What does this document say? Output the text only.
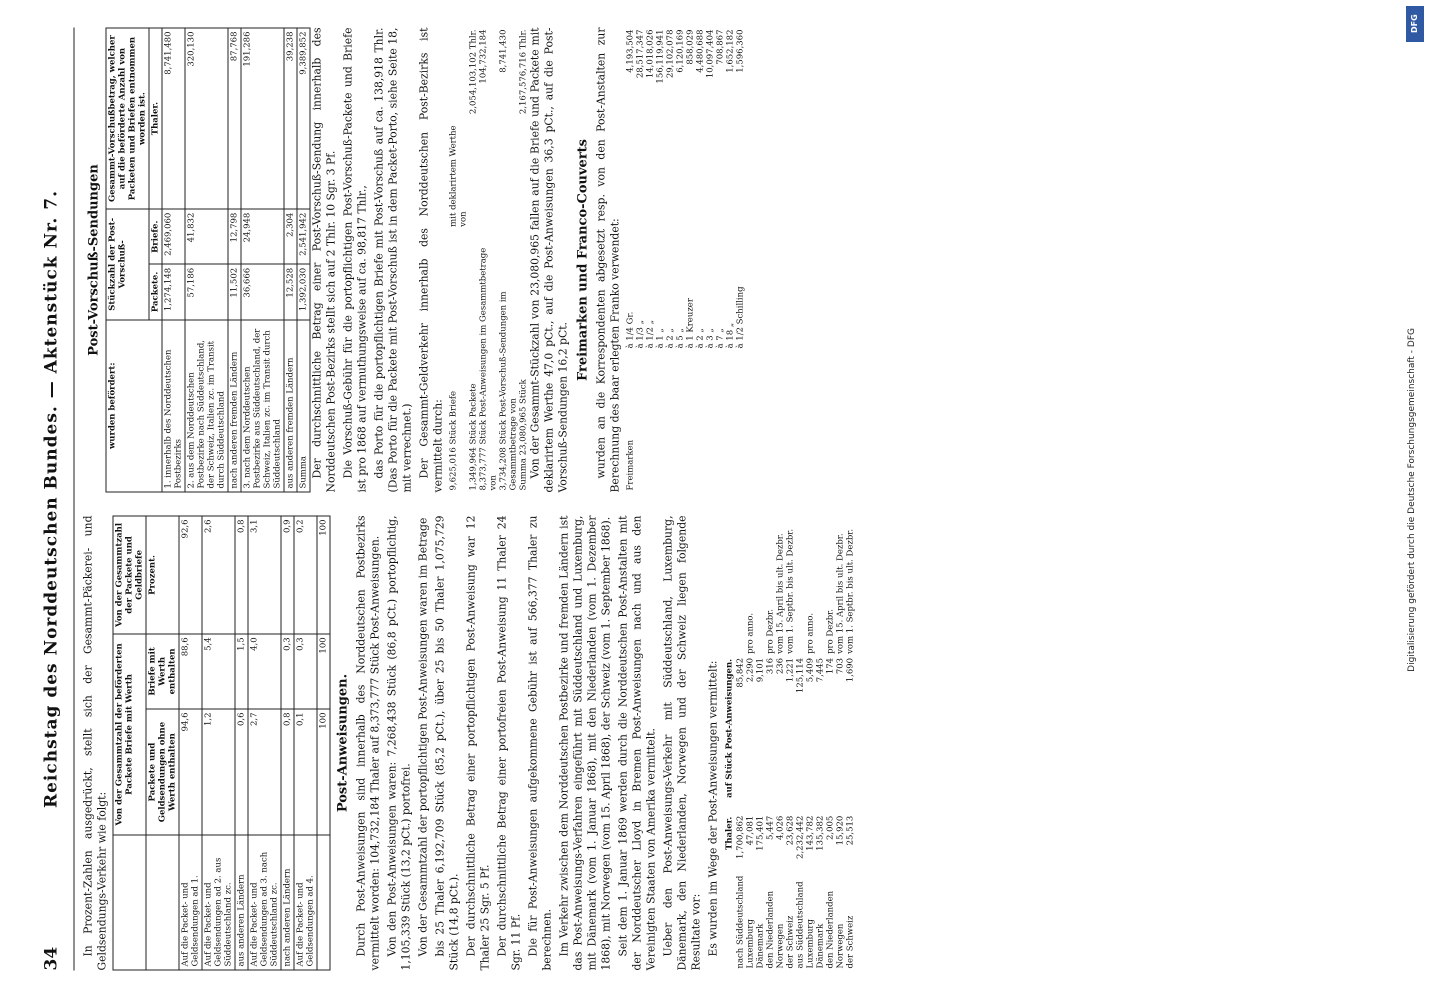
DFG
Digitalisierung gefördert durch die Deutsche Forschungsgemeinschaft - DFG
34
Reichstag des Norddeutschen Bundes. — Aktenstück Nr. 7. In Prozent-Zahlen ausgedrückt, stellt sich der Gesammt-Päckerei- und Geldsendungs-Verkehr wie folgt:

	Von der Gesammtzahl der beförderten Packete Briefe mit Werth		Von der Gesammtzahl der Packete und Geldbriefe
	Packete und Geldsendungen ohne Werth enthalten	Briefe mit Werth enthalten	Prozent.
Auf die Packet- und Geldsendungen ad 1.	94,6	88,6	92,6
Auf die Packet- und Geldsendungen ad 2. aus Süddeutschland zc.	1,2	5,4	2,6
aus anderen Ländern	0,6	1,5	0,8
Auf die Packet- und Geldsendungen ad 3. nach Süddeutschland zc.	2,7	4,0	3,1
nach anderen Ländern	0,8	0,3	0,9
Auf die Packet- und Geldsendungen ad 4.	0,1	0,3	0,2
	100	100	100
Post-Anweisungen. Durch Post-Anweisungen sind innerhalb des Norddeutschen Postbezirks vermittelt worden: 104,732,184 Thaler auf 8,373,777 Stück Post-Anweisungen. Von den Post-Anweisungen waren: 7,268,438 Stück (86,8 pCt.) portopflichtig, 1,105,339 Stück (13,2 pCt.) portofrei. Von der Gesammtzahl der portopflichtigen Post-Anweisungen waren im Betrage bis 25 Thaler 6,192,709 Stück (85,2 pCt.), über 25 bis 50 Thaler 1,075,729 Stück (14,8 pCt.). Der durchschnittliche Betrag einer portopflichtigen Post-Anweisung war 12 Thaler 25 Sgr. 5 Pf. Der durchschnittliche Betrag einer portofreien Post-Anweisung 11 Thaler 24 Sgr. 11 Pf. Die für Post-Anweisungen aufgekommene Gebühr ist auf 566,377 Thaler zu berechnen. Im Verkehr zwischen dem Norddeutschen Postbezirke und fremden Ländern ist das Post-Anweisungs-Verfahren eingeführt mit Süddeutschland und Luxemburg, mit Dänemark (vom 1. Januar 1868), mit den Niederlanden (vom 1. Dezember 1868), mit Norwegen (vom 15. April 1868), der Schweiz (vom 1. September 1868). Seit dem 1. Januar 1869 werden durch die Norddeutschen Post-Anstalten mit der Norddeutscher Lloyd in Bremen Post-Anweisungen nach und aus den Vereinigten Staaten von Amerika vermittelt. Ueber den Post-Anweisungs-Verkehr mit Süddeutschland, Luxemburg, Dänemark, den Niederlanden, Norwegen und der Schweiz liegen folgende Resultate vor: Es wurden im Wege der Post-Anweisungen vermittelt:

	Thaler.	auf Stück Post-Anweisungen.	
nach Süddeutschland	1,700,862	85,842	
Luxemburg	47,081	2,290	pro anno.
Dänemark	175,401	9,101	
den Niederlanden	5,447	316	pro Dezbr.
Norwegen	4,026	236	vom 15. April bis ult. Dezbr.
der Schweiz	23,628	1,221	vom 1. Septbr. bis ult. Dezbr.
aus Süddeutschland	2,232,442	125,114	
Luxemburg	143,782	5,409	pro anno.
Dänemark	135,382	7,445	
den Niederlanden	2,005	174	pro Dezbr.
Norwegen	15,920	703	vom 15. April bis ult. Dezbr.
der Schweiz	25,513	1,690	vom 1. Septbr. bis ult. Dezbr.
Post-Vorschuß-Sendungen
wurden befördert:	Stückzahl der Post-Vorschuß-		Gesammt-Vorschußbetrag, welcher auf die beförderte Anzahl von Packeten und Briefen entnommen worden ist.
	Packete.	Briefe.	Thaler.
1. innerhalb des Norddeutschen Postbezirks	1,274,148	2,469,060	8,741,480
2. aus dem Norddeutschen Postbezirke nach Süddeutschland, der Schweiz, Italien zc. im Transit durch Süddeutschland	57,186	41,832	320,130
nach anderen fremden Ländern	11,502	12,798	87,768
3. nach dem Norddeutschen Postbezirke aus Süddeutschland, der Schweiz, Italien zc. im Transit durch Süddeutschland	36,666	24,948	191,286
aus anderen fremden Ländern	12,528	2,304	39,238
Summa	1,392,030	2,541,942	9,389,852 Der durchschnittliche Betrag einer Post-Vorschuß-Sendung innerhalb des Norddeutschen Post-Bezirks stellt sich auf 2 Thlr. 10 Sgr. 3 Pf. Die Vorschuß-Gebühr für die portopflichtigen Post-Vorschuß-Packete und Briefe ist pro 1868 auf vermuthungsweise auf ca. 98,817 Thlr., das Porto für die portopflichtigen Briefe mit Post-Vorschuß auf ca. 138,918 Thlr. (Das Porto für die Packete mit Post-Vorschuß ist in dem Packet-Porto, siehe Seite 18, mit verrechnet.) Der Gesammt-Geldverkehr innerhalb des Norddeutschen Post-Bezirks ist vermittelt durch: 9,625,016 Stück Briefe	mit deklarirtem Werthe von	
1,349,964 Stück Packete		2,054,103,102 Thlr.
8,373,777 Stück Post-Anweisungen im Gesammtbetrage von		104,732,184
3,734,208 Stück Post-Vorschuß-Sendungen im Gesammtbetrage von		8,741,430
Summa 23,080,965 Stück		2,167,576,716 Thlr. Von der Gesammt-Stückzahl von 23,080,965 fallen auf die Briefe und Packete mit deklarirtem Werthe 47,0 pCt., auf die Post-Anweisungen 36,3 pCt., auf die Post-Vorschuß-Sendungen 16,2 pCt.

Freimarken und Franco-Couverts wurden an die Korrespondenten abgesetzt resp. von den Post-Anstalten zur Berechnung des baar erlegten Franko verwendet: Freimarken	à 1/4 Gr.	4,193,504
	à 1/3 „	28,517,347
	à 1/2 „	14,018,026
	à 1 „	156,119,941
	à 2 „	29,102,078
	à 5 „	6,120,169
	à 1 Kreuzer	858,029
	à 2 „	4,480,688
	à 3 „	10,097,404
	à 7 „	708,867
	à 18 „	1,652,182
	à 1/2 Schilling	1,596,360
